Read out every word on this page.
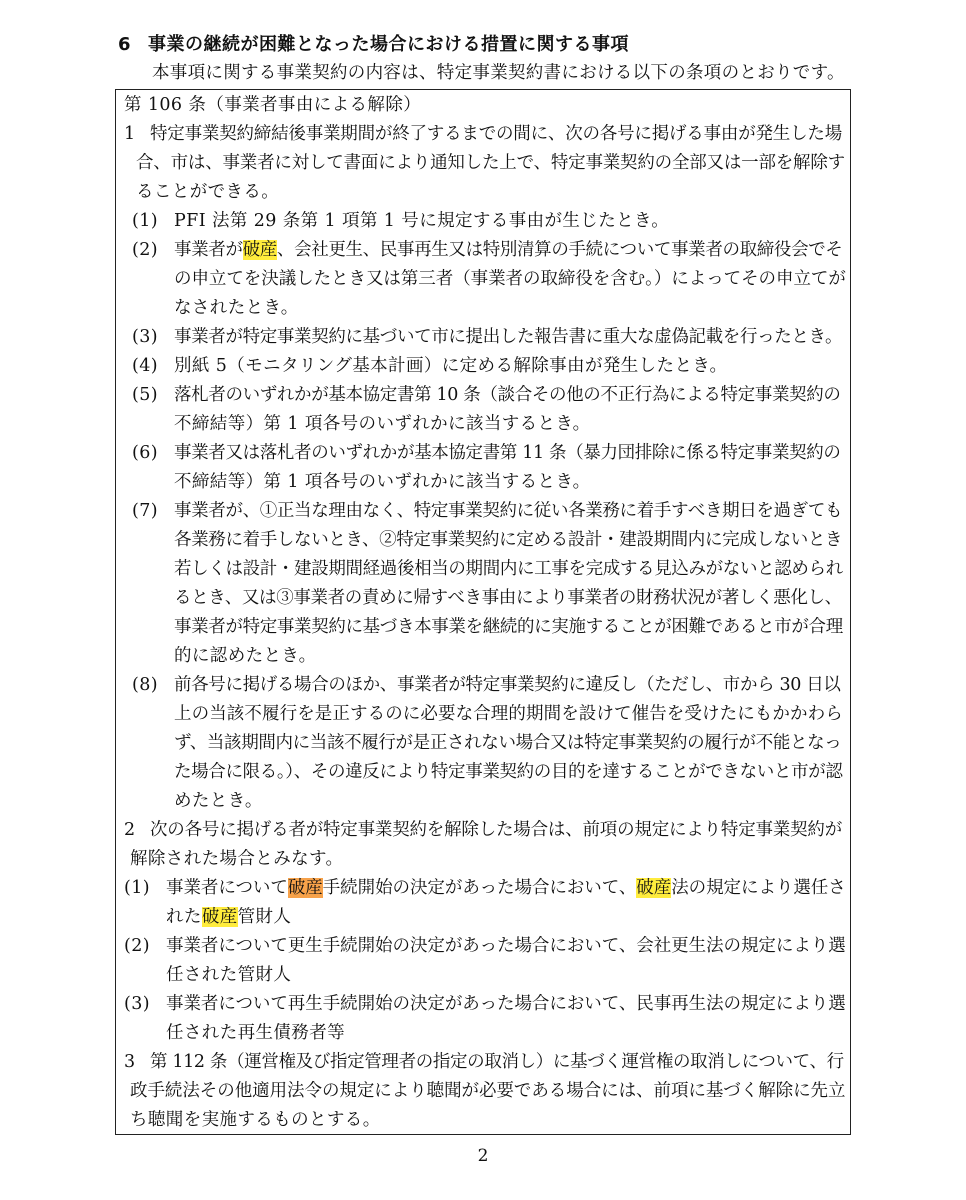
6 事業の継続が困難となった場合における措置に関する事項
本事項に関する事業契約の内容は、特定事業契約書における以下の条項のとおりです。
第 106 条（事業者事由による解除）
1 特定事業契約締結後事業期間が終了するまでの間に、次の各号に掲げる事由が発生した場
合、市は、事業者に対して書面により通知した上で、特定事業契約の全部又は一部を解除す
ることができる。
(1) PFI 法第 29 条第 1 項第 1 号に規定する事由が生じたとき。
(2) 事業者が破産、会社更生、民事再生又は特別清算の手続について事業者の取締役会でそ
の申立てを決議したとき又は第三者（事業者の取締役を含む。）によってその申立てが
なされたとき。
(3) 事業者が特定事業契約に基づいて市に提出した報告書に重大な虚偽記載を行ったとき。
(4) 別紙 5（モニタリング基本計画）に定める解除事由が発生したとき。
(5) 落札者のいずれかが基本協定書第 10 条（談合その他の不正行為による特定事業契約の
不締結等）第 1 項各号のいずれかに該当するとき。
(6) 事業者又は落札者のいずれかが基本協定書第 11 条（暴力団排除に係る特定事業契約の
不締結等）第 1 項各号のいずれかに該当するとき。
(7) 事業者が、①正当な理由なく、特定事業契約に従い各業務に着手すべき期日を過ぎても
各業務に着手しないとき、②特定事業契約に定める設計・建設期間内に完成しないとき
若しくは設計・建設期間経過後相当の期間内に工事を完成する見込みがないと認められ
るとき、又は③事業者の責めに帰すべき事由により事業者の財務状況が著しく悪化し、
事業者が特定事業契約に基づき本事業を継続的に実施することが困難であると市が合理
的に認めたとき。
(8) 前各号に掲げる場合のほか、事業者が特定事業契約に違反し（ただし、市から 30 日以
上の当該不履行を是正するのに必要な合理的期間を設けて催告を受けたにもかかわら
ず、当該期間内に当該不履行が是正されない場合又は特定事業契約の履行が不能となっ
た場合に限る。）、その違反により特定事業契約の目的を達することができないと市が認
めたとき。
2 次の各号に掲げる者が特定事業契約を解除した場合は、前項の規定により特定事業契約が
解除された場合とみなす。
(1) 事業者について破産手続開始の決定があった場合において、破産法の規定により選任さ
れた破産管財人
(2) 事業者について更生手続開始の決定があった場合において、会社更生法の規定により選
任された管財人
(3) 事業者について再生手続開始の決定があった場合において、民事再生法の規定により選
任された再生債務者等
3 第 112 条（運営権及び指定管理者の指定の取消し）に基づく運営権の取消しについて、行
政手続法その他適用法令の規定により聴聞が必要である場合には、前項に基づく解除に先立
ち聴聞を実施するものとする。
2
